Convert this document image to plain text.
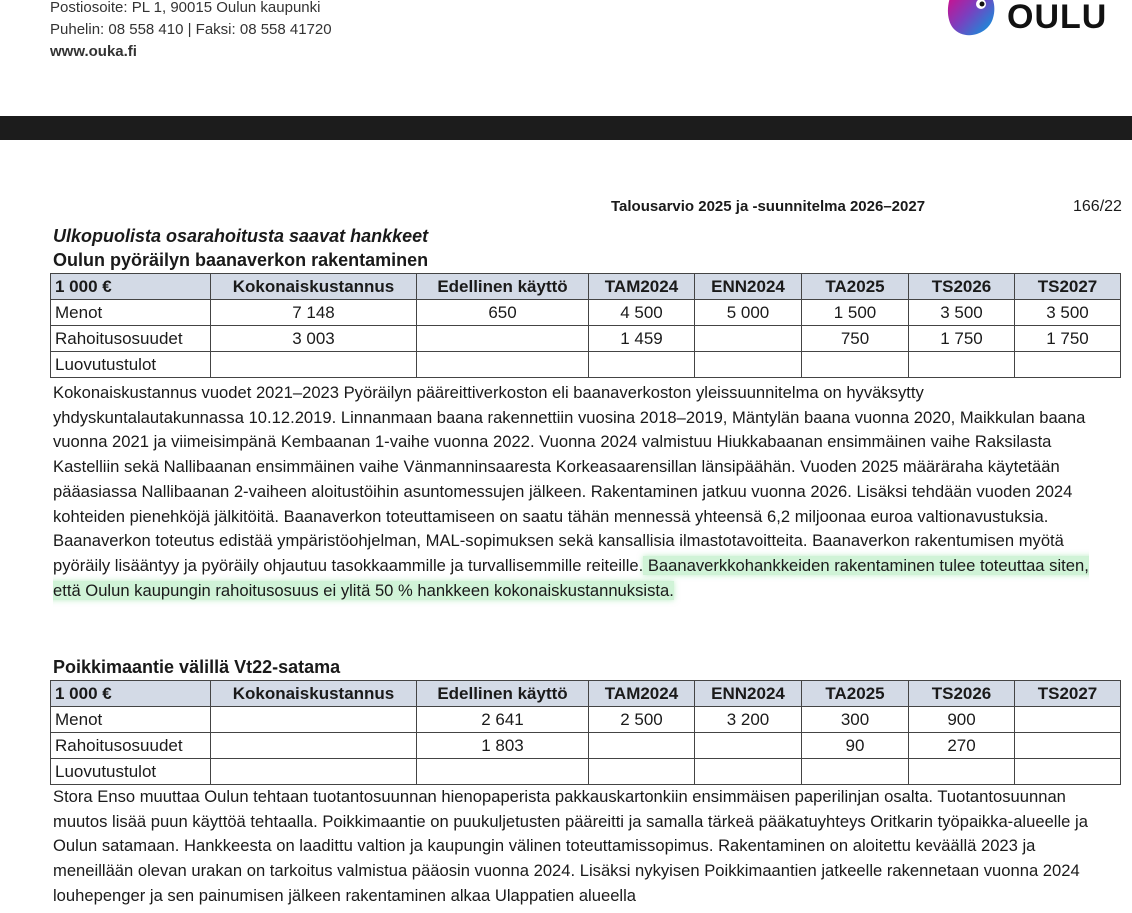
Postiosoite: PL 1, 90015 Oulun kaupunki
Puhelin: 08 558 410 | Faksi: 08 558 41720
www.ouka.fi
OULU
Talousarvio 2025 ja -suunnitelma 2026–2027	166/22
Ulkopuolista osarahoitusta saavat hankkeet
Oulun pyöräilyn baanaverkon rakentaminen
1 000 €	Kokonaiskustannus	Edellinen käyttö	TAM2024	ENN2024	TA2025	TS2026	TS2027
Menot	7 148	650	4 500	5 000	1 500	3 500	3 500
Rahoitusosuudet	3 003		1 459		750	1 750	1 750
Luovutustulot							
Kokonaiskustannus vuodet 2021–2023 Pyöräilyn pääreittiverkoston eli baanaverkoston yleissuunnitelma on hyväksytty yhdyskuntalautakunnassa 10.12.2019. Linnanmaan baana rakennettiin vuosina 2018–2019, Mäntylän baana vuonna 2020, Maikkulan baana vuonna 2021 ja viimeisimpänä Kembaanan 1-vaihe vuonna 2022. Vuonna 2024 valmistuu Hiukkabaanan ensimmäinen vaihe Raksilasta Kastelliin sekä Nallibaanan ensimmäinen vaihe Vänmanninsaaresta Korkeasaarensillan länsipäähän. Vuoden 2025 määräraha käytetään pääasiassa Nallibaanan 2-vaiheen aloitustöihin asuntomessujen jälkeen. Rakentaminen jatkuu vuonna 2026. Lisäksi tehdään vuoden 2024 kohteiden pienehköjä jälkitöitä. Baanaverkon toteuttamiseen on saatu tähän mennessä yhteensä 6,2 miljoonaa euroa valtionavustuksia. Baanaverkon toteutus edistää ympäristöohjelman, MAL-sopimuksen sekä kansallisia ilmastotavoitteita. Baanaverkon rakentumisen myötä pyöräily lisääntyy ja pyöräily ohjautuu tasokkaammille ja turvallisemmille reiteille. Baanaverkkohankkeiden rakentaminen tulee toteuttaa siten, että Oulun kaupungin rahoitusosuus ei ylitä 50 % hankkeen kokonaiskustannuksista.
Poikkimaantie välillä Vt22-satama
1 000 €	Kokonaiskustannus	Edellinen käyttö	TAM2024	ENN2024	TA2025	TS2026	TS2027
Menot		2 641	2 500	3 200	300	900	
Rahoitusosuudet		1 803			90	270	
Luovutustulot							
Stora Enso muuttaa Oulun tehtaan tuotantosuunnan hienopaperista pakkauskartonkiin ensimmäisen paperilinjan osalta. Tuotantosuunnan muutos lisää puun käyttöä tehtaalla. Poikkimaantie on puukuljetusten pääreitti ja samalla tärkeä pääkatuyhteys Oritkarin työpaikka-alueelle ja Oulun satamaan. Hankkeesta on laadittu valtion ja kaupungin välinen toteuttamissopimus. Rakentaminen on aloitettu keväällä 2023 ja meneillään olevan urakan on tarkoitus valmistua pääosin vuonna 2024. Lisäksi nykyisen Poikkimaantien jatkeelle rakennetaan vuonna 2024 louhepenger ja sen painumisen jälkeen rakentaminen alkaa Ulappatien alueella
